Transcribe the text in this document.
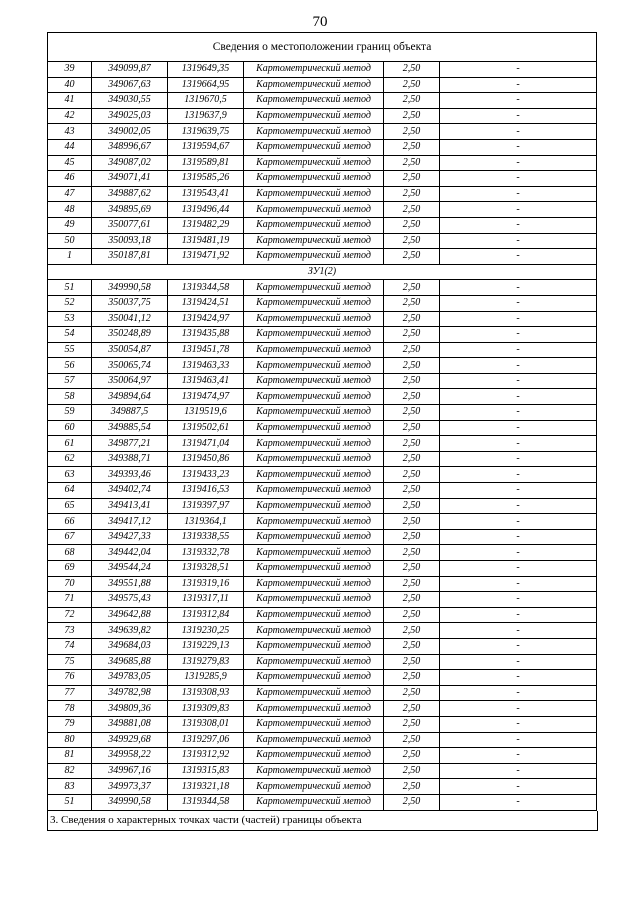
70
Сведения о местоположении границ объекта					
39	349099,87	1319649,35	Картометрический метод	2,50	-
40	349067,63	1319664,95	Картометрический метод	2,50	-
41	349030,55	1319670,5	Картометрический метод	2,50	-
42	349025,03	1319637,9	Картометрический метод	2,50	-
43	349002,05	1319639,75	Картометрический метод	2,50	-
44	348996,67	1319594,67	Картометрический метод	2,50	-
45	349087,02	1319589,81	Картометрический метод	2,50	-
46	349071,41	1319585,26	Картометрический метод	2,50	-
47	349887,62	1319543,41	Картометрический метод	2,50	-
48	349895,69	1319496,44	Картометрический метод	2,50	-
49	350077,61	1319482,29	Картометрический метод	2,50	-
50	350093,18	1319481,19	Картометрический метод	2,50	-
1	350187,81	1319471,92	Картометрический метод	2,50	-
ЗУ1(2)					
51	349990,58	1319344,58	Картометрический метод	2,50	-
52	350037,75	1319424,51	Картометрический метод	2,50	-
53	350041,12	1319424,97	Картометрический метод	2,50	-
54	350248,89	1319435,88	Картометрический метод	2,50	-
55	350054,87	1319451,78	Картометрический метод	2,50	-
56	350065,74	1319463,33	Картометрический метод	2,50	-
57	350064,97	1319463,41	Картометрический метод	2,50	-
58	349894,64	1319474,97	Картометрический метод	2,50	-
59	349887,5	1319519,6	Картометрический метод	2,50	-
60	349885,54	1319502,61	Картометрический метод	2,50	-
61	349877,21	1319471,04	Картометрический метод	2,50	-
62	349388,71	1319450,86	Картометрический метод	2,50	-
63	349393,46	1319433,23	Картометрический метод	2,50	-
64	349402,74	1319416,53	Картометрический метод	2,50	-
65	349413,41	1319397,97	Картометрический метод	2,50	-
66	349417,12	1319364,1	Картометрический метод	2,50	-
67	349427,33	1319338,55	Картометрический метод	2,50	-
68	349442,04	1319332,78	Картометрический метод	2,50	-
69	349544,24	1319328,51	Картометрический метод	2,50	-
70	349551,88	1319319,16	Картометрический метод	2,50	-
71	349575,43	1319317,11	Картометрический метод	2,50	-
72	349642,88	1319312,84	Картометрический метод	2,50	-
73	349639,82	1319230,25	Картометрический метод	2,50	-
74	349684,03	1319229,13	Картометрический метод	2,50	-
75	349685,88	1319279,83	Картометрический метод	2,50	-
76	349783,05	1319285,9	Картометрический метод	2,50	-
77	349782,98	1319308,93	Картометрический метод	2,50	-
78	349809,36	1319309,83	Картометрический метод	2,50	-
79	349881,08	1319308,01	Картометрический метод	2,50	-
80	349929,68	1319297,06	Картометрический метод	2,50	-
81	349958,22	1319312,92	Картометрический метод	2,50	-
82	349967,16	1319315,83	Картометрический метод	2,50	-
83	349973,37	1319321,18	Картометрический метод	2,50	-
51	349990,58	1319344,58	Картометрический метод	2,50	-
3. Сведения о характерных точках части (частей) границы объекта
